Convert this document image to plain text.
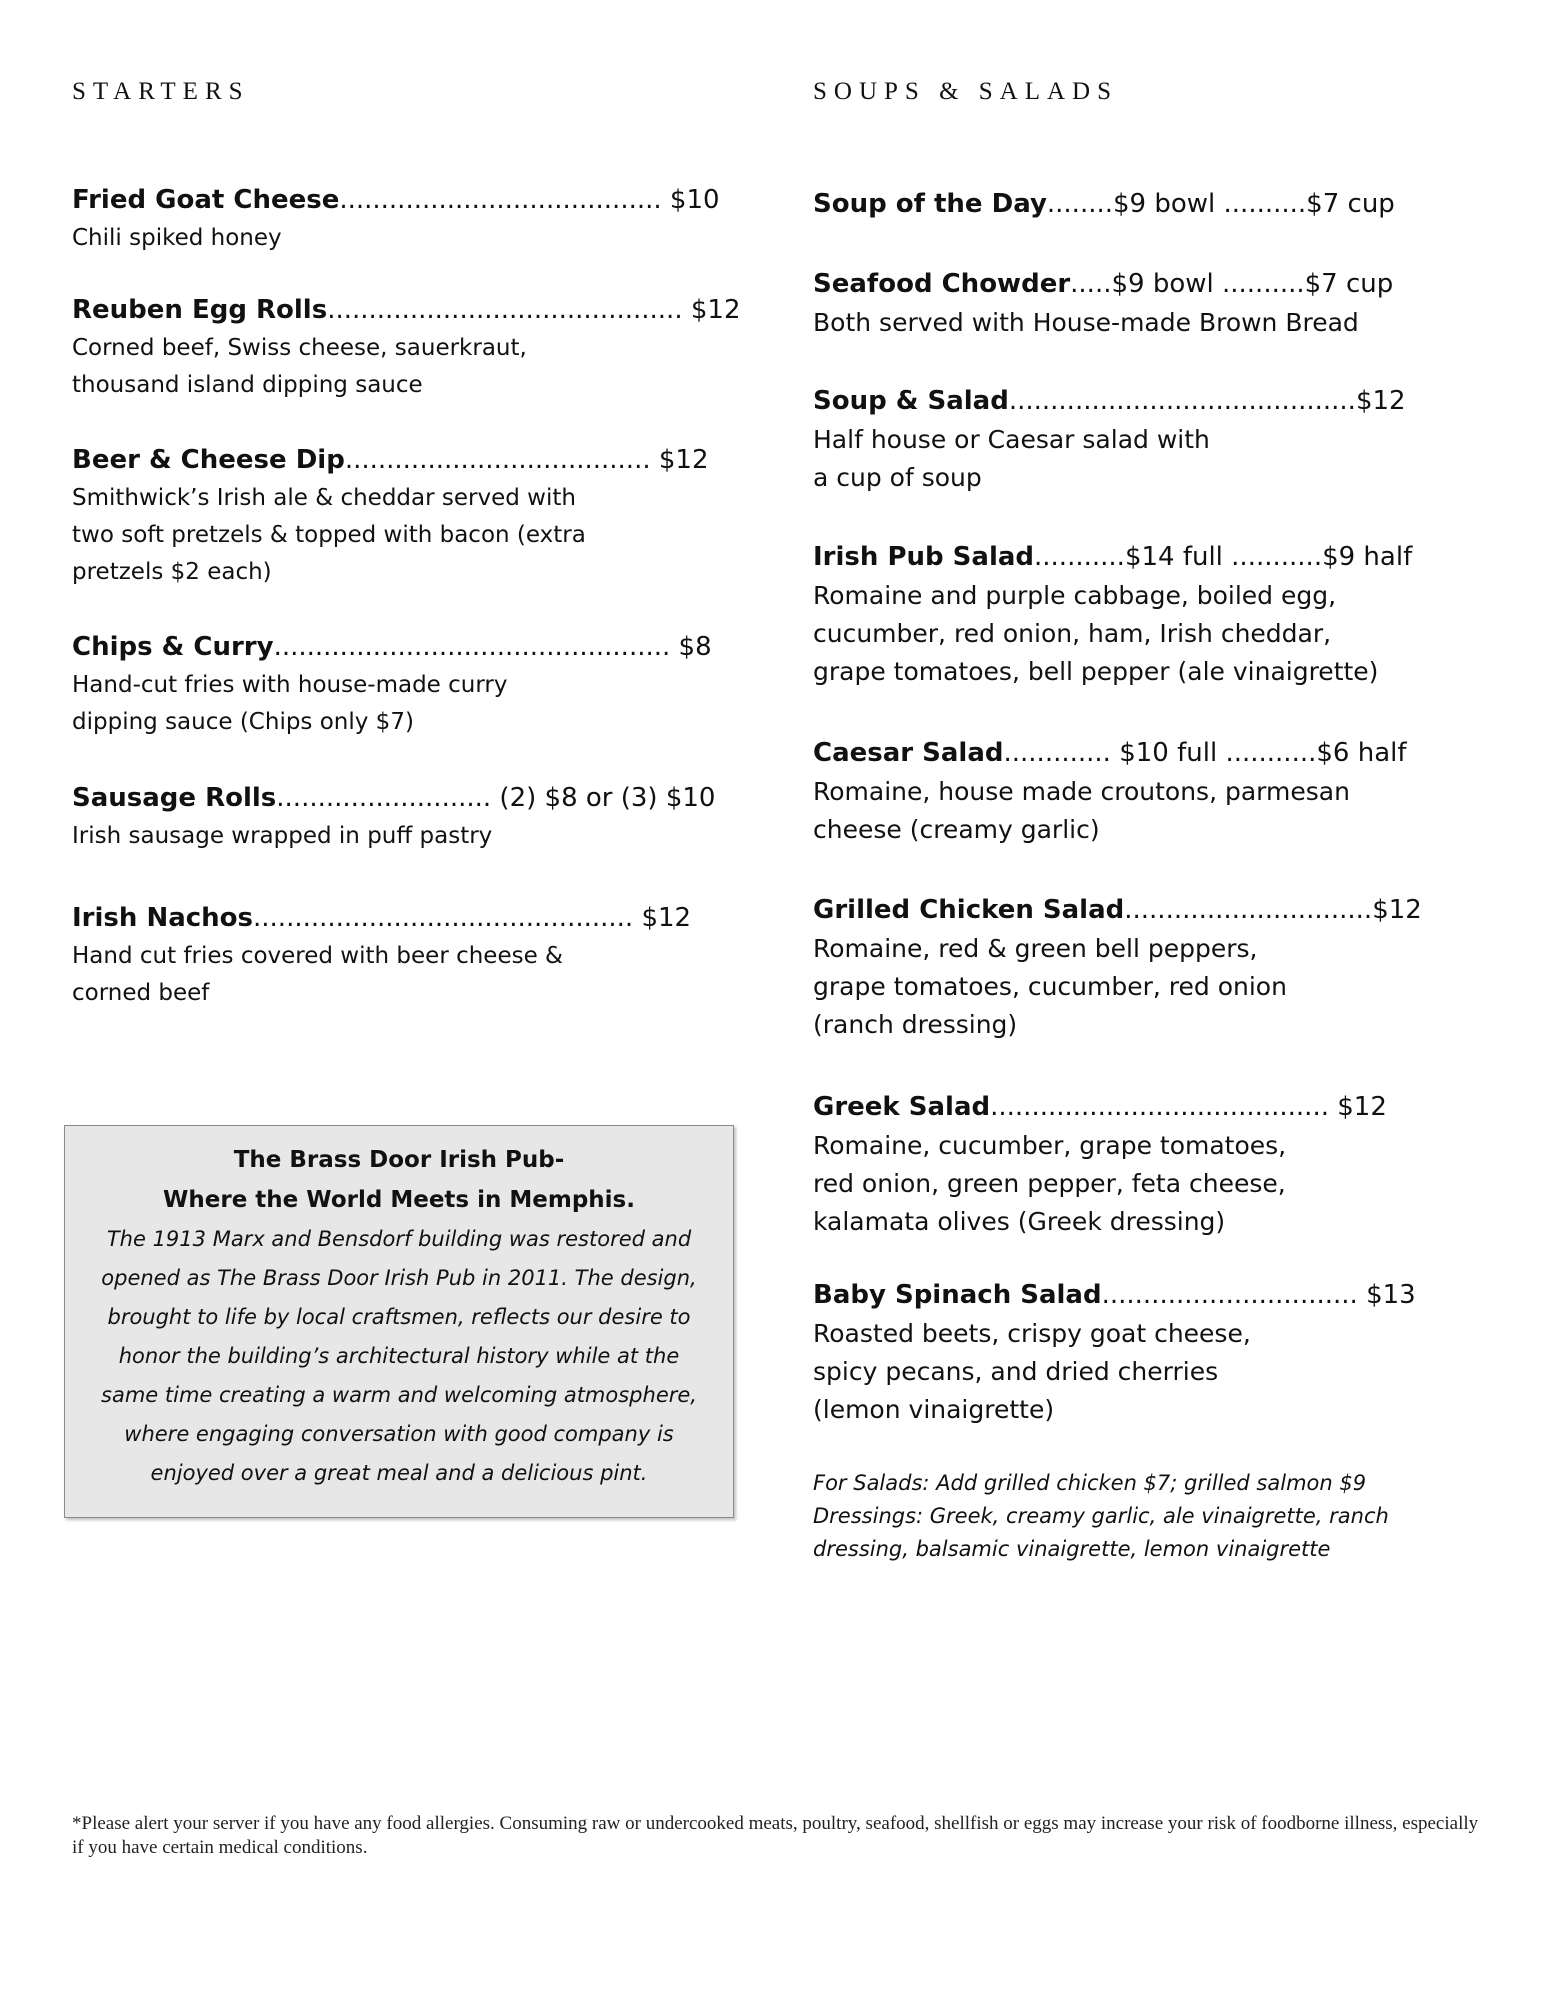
STARTERS
Fried Goat Cheese....................................... $10
Chili spiked honey
Reuben Egg Rolls........................................... $12
Corned beef, Swiss cheese, sauerkraut,
thousand island dipping sauce
Beer & Cheese Dip..................................... $12
Smithwick’s Irish ale & cheddar served with
two soft pretzels & topped with bacon (extra
pretzels $2 each)
Chips & Curry................................................ $8
Hand-cut fries with house-made curry
dipping sauce (Chips only $7)
Sausage Rolls.......................... (2) $8 or (3) $10
Irish sausage wrapped in puff pastry
Irish Nachos.............................................. $12
Hand cut fries covered with beer cheese &
corned beef
The Brass Door Irish Pub-
Where the World Meets in Memphis.
The 1913 Marx and Bensdorf building was restored and
opened as The Brass Door Irish Pub in 2011. The design,
brought to life by local craftsmen, reflects our desire to
honor the building’s architectural history while at the
same time creating a warm and welcoming atmosphere,
where engaging conversation with good company is
enjoyed over a great meal and a delicious pint.
SOUPS & SALADS
Soup of the Day........$9 bowl ..........$7 cup
Seafood Chowder.....$9 bowl ..........$7 cup
Both served with House-made Brown Bread
Soup & Salad..........................................$12
Half house or Caesar salad with
a cup of soup
Irish Pub Salad...........$14 full ...........$9 half
Romaine and purple cabbage, boiled egg,
cucumber, red onion, ham, Irish cheddar,
grape tomatoes, bell pepper (ale vinaigrette)
Caesar Salad............. $10 full ...........$6 half
Romaine, house made croutons, parmesan
cheese (creamy garlic)
Grilled Chicken Salad..............................$12
Romaine, red & green bell peppers,
grape tomatoes, cucumber, red onion
(ranch dressing)
Greek Salad......................................... $12
Romaine, cucumber, grape tomatoes,
red onion, green pepper, feta cheese,
kalamata olives (Greek dressing)
Baby Spinach Salad............................... $13
Roasted beets, crispy goat cheese,
spicy pecans, and dried cherries
(lemon vinaigrette)
For Salads: Add grilled chicken $7; grilled salmon $9
Dressings: Greek, creamy garlic, ale vinaigrette, ranch
dressing, balsamic vinaigrette, lemon vinaigrette
*Please alert your server if you have any food allergies. Consuming raw or undercooked meats, poultry, seafood, shellfish or eggs may increase your risk of foodborne illness, especially if you have certain medical conditions.
